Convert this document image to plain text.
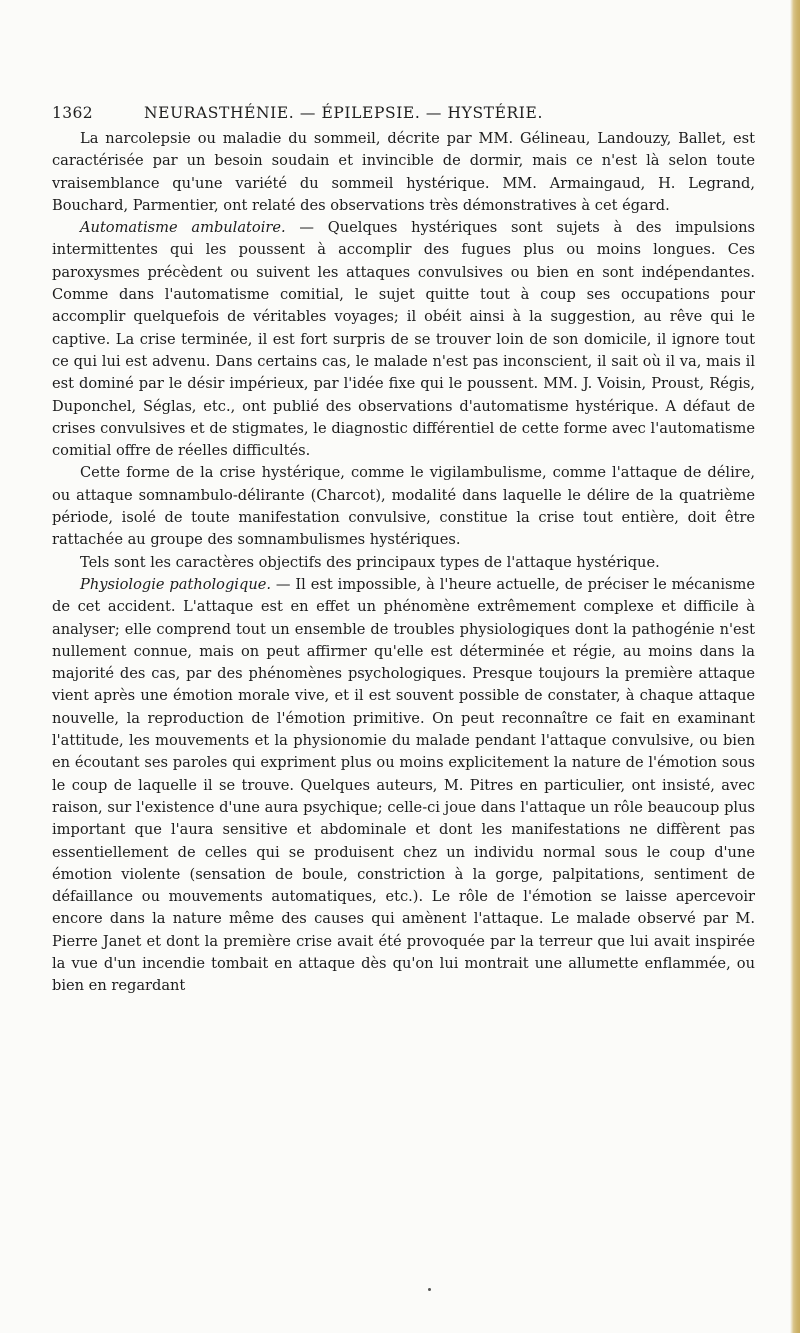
1362	NEURASTHÉNIE. — ÉPILEPSIE. — HYSTÉRIE.

La narcolepsie ou maladie du sommeil, décrite par MM. Gélineau, Landouzy, Ballet, est caractérisée par un besoin soudain et invincible de dormir, mais ce n'est là selon toute vraisemblance qu'une variété du sommeil hystérique. MM. Armaingaud, H. Legrand, Bouchard, Parmentier, ont relaté des observations très démonstratives à cet égard.

Automatisme ambulatoire. — Quelques hystériques sont sujets à des impulsions intermittentes qui les poussent à accomplir des fugues plus ou moins longues. Ces paroxysmes précèdent ou suivent les attaques convulsives ou bien en sont indépendantes. Comme dans l'automatisme comitial, le sujet quitte tout à coup ses occupations pour accomplir quelquefois de véritables voyages; il obéit ainsi à la suggestion, au rêve qui le captive. La crise terminée, il est fort surpris de se trouver loin de son domicile, il ignore tout ce qui lui est advenu. Dans certains cas, le malade n'est pas inconscient, il sait où il va, mais il est dominé par le désir impérieux, par l'idée fixe qui le poussent. MM. J. Voisin, Proust, Régis, Duponchel, Séglas, etc., ont publié des observations d'automatisme hystérique. A défaut de crises convulsives et de stigmates, le diagnostic différentiel de cette forme avec l'automatisme comitial offre de réelles difficultés.

Cette forme de la crise hystérique, comme le vigilambulisme, comme l'attaque de délire, ou attaque somnambulo-délirante (Charcot), modalité dans laquelle le délire de la quatrième période, isolé de toute manifestation convulsive, constitue la crise tout entière, doit être rattachée au groupe des somnambulismes hystériques.

Tels sont les caractères objectifs des principaux types de l'attaque hystérique.

Physiologie pathologique. — Il est impossible, à l'heure actuelle, de préciser le mécanisme de cet accident. L'attaque est en effet un phénomène extrêmement complexe et difficile à analyser; elle comprend tout un ensemble de troubles physiologiques dont la pathogénie n'est nullement connue, mais on peut affirmer qu'elle est déterminée et régie, au moins dans la majorité des cas, par des phénomènes psychologiques. Presque toujours la première attaque vient après une émotion morale vive, et il est souvent possible de constater, à chaque attaque nouvelle, la reproduction de l'émotion primitive. On peut reconnaître ce fait en examinant l'attitude, les mouvements et la physionomie du malade pendant l'attaque convulsive, ou bien en écoutant ses paroles qui expriment plus ou moins explicitement la nature de l'émotion sous le coup de laquelle il se trouve. Quelques auteurs, M. Pitres en particulier, ont insisté, avec raison, sur l'existence d'une aura psychique; celle-ci joue dans l'attaque un rôle beaucoup plus important que l'aura sensitive et abdominale et dont les manifestations ne diffèrent pas essentiellement de celles qui se produisent chez un individu normal sous le coup d'une émotion violente (sensation de boule, constriction à la gorge, palpitations, sentiment de défaillance ou mouvements automatiques, etc.). Le rôle de l'émotion se laisse apercevoir encore dans la nature même des causes qui amènent l'attaque. Le malade observé par M. Pierre Janet et dont la première crise avait été provoquée par la terreur que lui avait inspirée la vue d'un incendie tombait en attaque dès qu'on lui montrait une allumette enflammée, ou bien en regardant
